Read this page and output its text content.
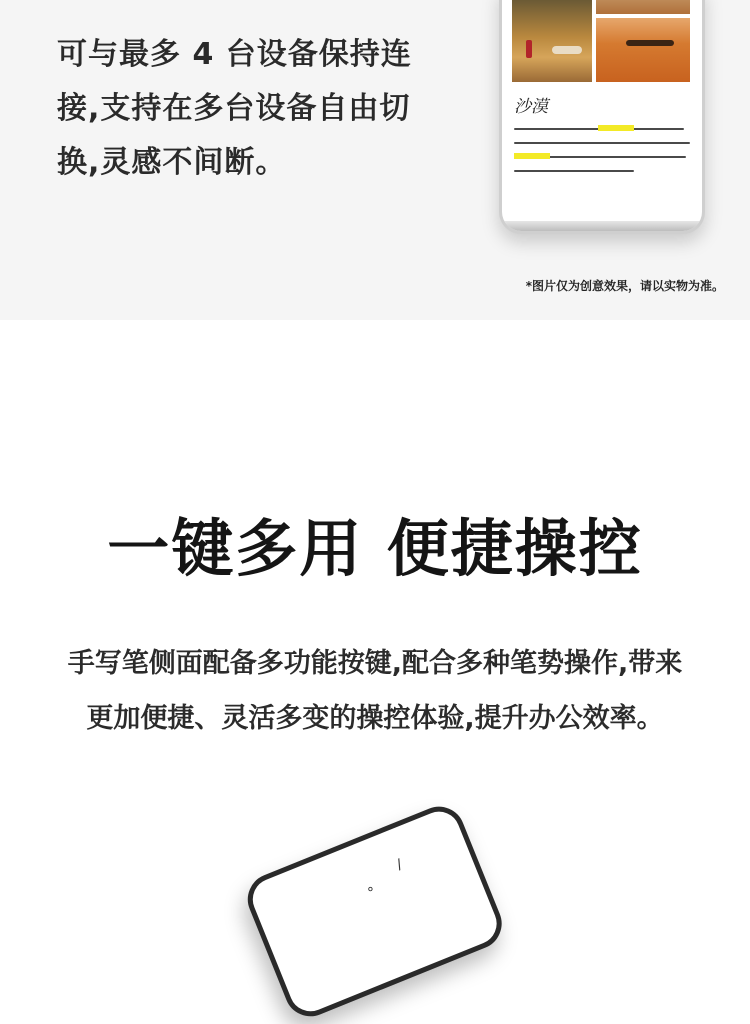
可与最多 4 台设备保持连接,支持在多台设备自由切换,灵感不间断。

沙漠

*图片仅为创意效果，请以实物为准。

一键多用 便捷操控

手写笔侧面配备多功能按键,配合多种笔势操作,带来更加便捷、灵活多变的操控体验,提升办公效率。

∘
∕
